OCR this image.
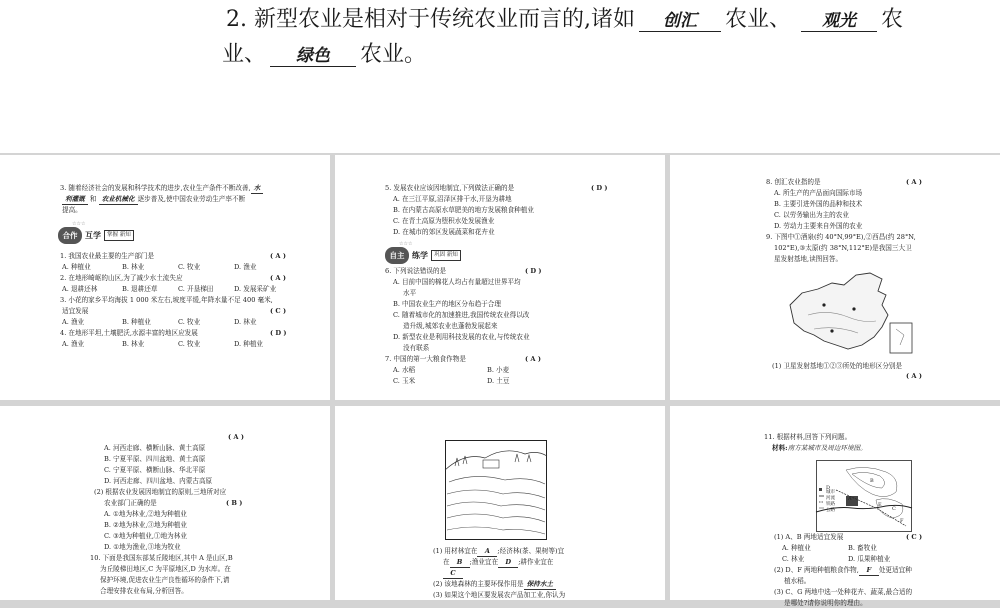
2. 新型农业是相对于传统农业而言的,诸如 创汇 农业、 观光 农
业、 绿色 农业。
3. 随着经济社会的发展和科学技术的进步,农业生产条件不断改善, 水
利灌溉 和 农业机械化 逐步普及,使中国农业劳动生产率不断
提高。
☆☆☆
合作 互学	掌握 新知
1. 我国农业最主要的生产部门是	( A )
A. 种植业	B. 林业	C. 牧业	D. 渔业
2. 在地形崎岖的山区,为了减少水土流失应	( A )
A. 退耕还林	B. 退耕还草	C. 开垦梯田	D. 发展采矿业
3. 小花的家乡平均海拔 1 000 米左右,坡度平缓,年降水量不足 400 毫米,
适宜发展	( C )
A. 渔业	B. 种植业	C. 牧业	D. 林业
4. 在地形平坦,土壤肥沃,水源丰富的地区应发展	( D )
A. 渔业	B. 林业	C. 牧业	D. 种植业
5. 发展农业应该因地制宜,下列做法正确的是	( D )
A. 在三江平原,沼泽区排干水,开垦为耕地
B. 在内蒙古高原水草肥美的地方发展粮食种植业
C. 在青土高原为堕积水处发展渔业
D. 在城市的郊区发展蔬菜和花卉业
☆☆☆
自主 练学	巩固 新知
6. 下列说法错误的是	( D )
A. 目前中国的棉花人均占有量超过世界平均
水平
B. 中国农业生产的地区分布趋于合理
C. 随着城市化的加速推进,我国传统农业得以改
造升级,城郊农业也蓬勃发展起来
D. 新型农业是利用科技发展的农业,与传统农业
没有联系
7. 中国的第一大粮食作物是	( A )
A. 水稻	B. 小麦
C. 玉米	D. 土豆
8. 创汇农业指的是	( A )
A. 所生产的产品面向国际市场
B. 主要引进外国的品种和技术
C. 以劳务输出为主的农业
D. 劳动力主要来自外国的农业
9. 下图中①酒泉(约 40°N,99°E),②西昌(约 28°N,
102°E),③太原(约 38°N,112°E)是我国三大卫
星发射基地,读图回答。
(1) 卫星发射基地①②③所处的地形区分别是
( A )
( A )
A. 河西走廊、横断山脉、黄土高原
B. 宁夏平原、四川盆地、黄土高原
C. 宁夏平原、横断山脉、华北平原
D. 河西走廊、四川盆地、内蒙古高原
(2) 根据农业发展因地制宜的原则,三地所对应
农业部门正确的是	( B )
A. ①地为林业,②地为种植业
B. ②地为林业,③地为种植业
C. ③地为种植业,①地为林业
D. ①地为渔业,③地为牧业
10. 下面是我国东部某丘陵地区,其中 A 是山区,B
为丘陵梯田地区,C 为平原地区,D 为水库。在
保护环境,促进农业生产良性循环的条件下,请
合理安排农业布局,分析回答。
(1) 用材林宜在 A ;经济林(茶、果树等)宜
在 B ;渔业宜在 D ;耕作业宜在
C
(2) 该地森林的主要环保作用是 保持水土
(3) 如果这个地区要发展农产品加工业,你认为
11. 根据材料,回答下列问题。
材料:南方某城市及周边环境图。
D
A
B
C
E
F
城市
河流
铁路
公路
(1) A、B 两地适宜发展	( C )
A. 种植业	B. 畜牧业
C. 林业	D. 瓜果种植业
(2) D、F 两地种植粮食作物, F 处更适宜种
植水稻。
(3) C、G 两地中选一处种花卉、蔬菜,最合适的
是哪处?请你说明你的理由。
